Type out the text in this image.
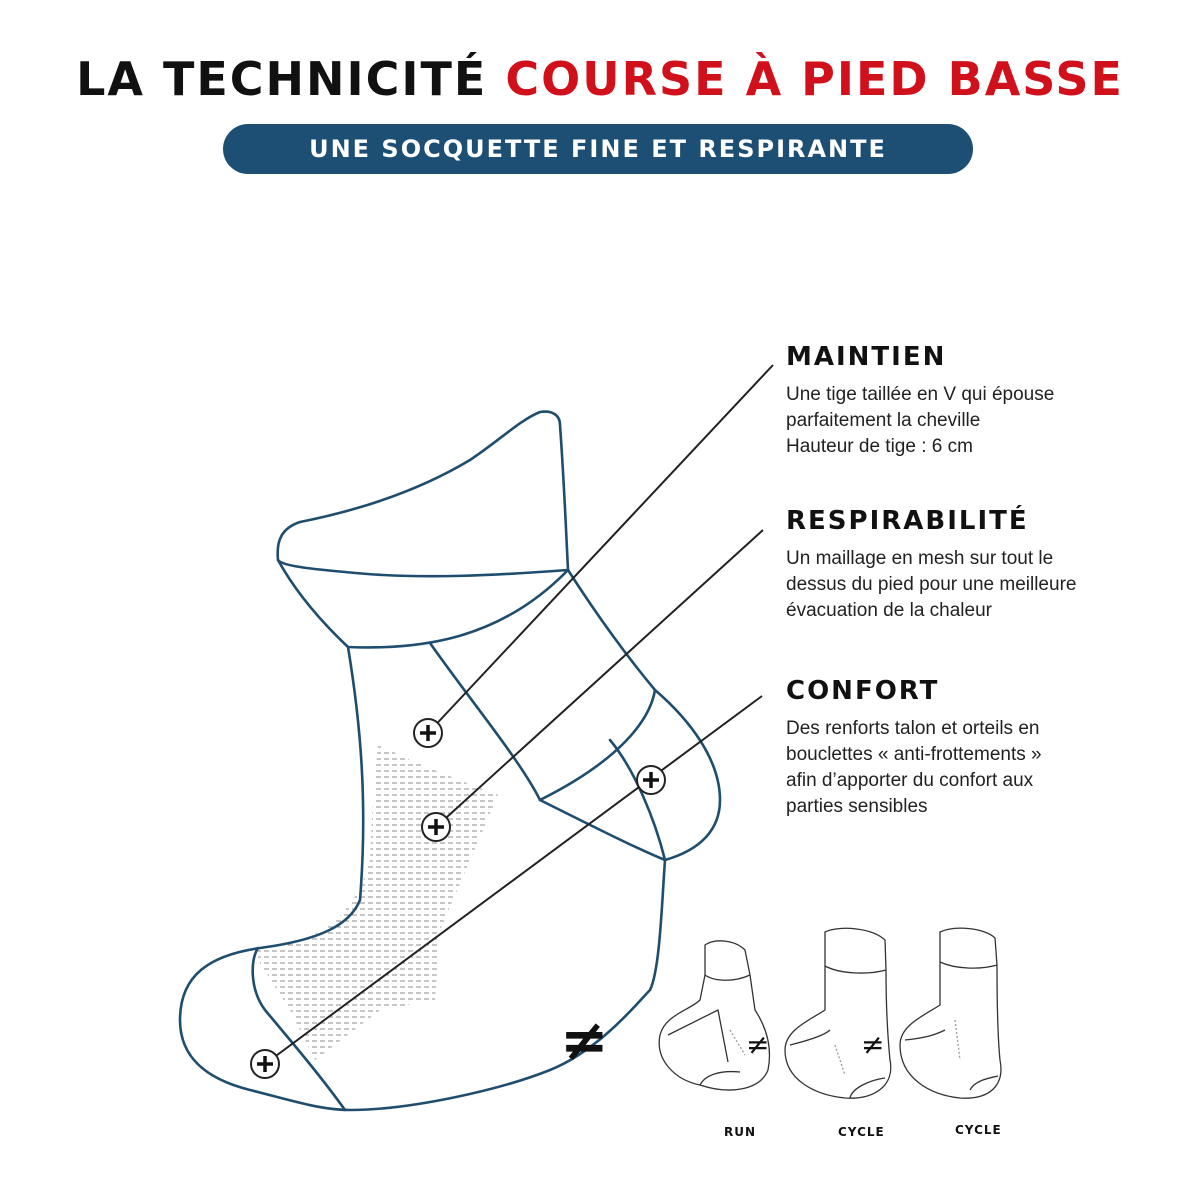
LA TECHNICITÉ COURSE À PIED BASSE
UNE SOCQUETTE FINE ET RESPIRANTE
MAINTIEN
Une tige taillée en V qui épouse
parfaitement la cheville
Hauteur de tige : 6 cm
RESPIRABILITÉ
Un maillage en mesh sur tout le
dessus du pied pour une meilleure
évacuation de la chaleur
CONFORT
Des renforts talon et orteils en
bouclettes « anti-frottements »
afin d’apporter du confort aux
parties sensibles
≠	≠	≠
RUN	CYCLE	CYCLE
